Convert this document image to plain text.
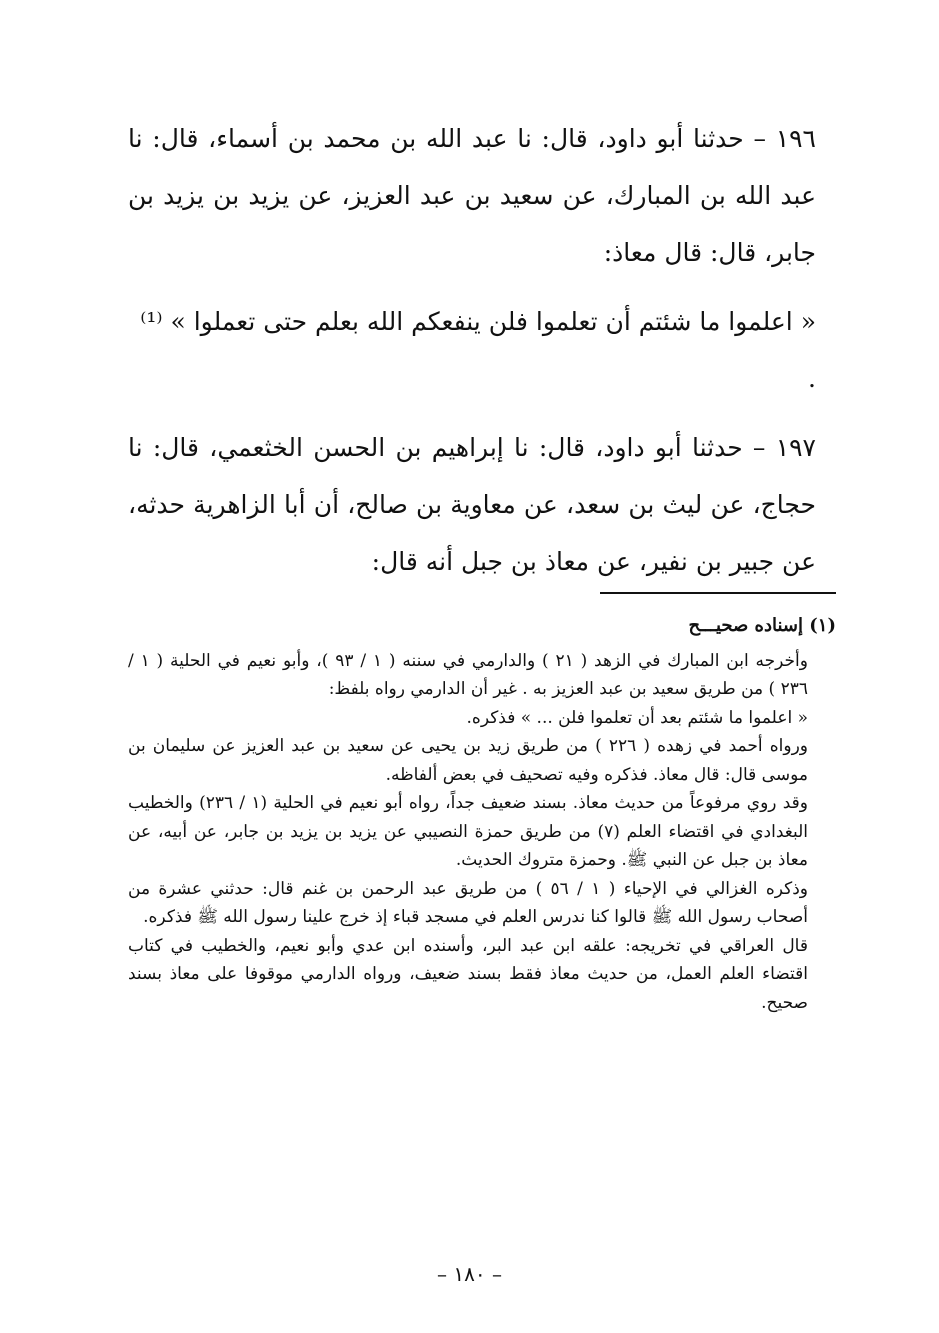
١٩٦ – حدثنا أبو داود، قال: نا عبد الله بن محمد بن أسماء، قال: نا عبد الله بن المبارك، عن سعيد بن عبد العزيز، عن يزيد بن يزيد بن جابر، قال: قال معاذ:

« اعلموا ما شئتم أن تعلموا فلن ينفعكم الله بعلم حتى تعملوا » ⁽¹⁾ .

١٩٧ – حدثنا أبو داود، قال: نا إبراهيم بن الحسن الخثعمي، قال: نا حجاج، عن ليث بن سعد، عن معاوية بن صالح، أن أبا الزاهرية حدثه، عن جبير بن نفير، عن معاذ بن جبل أنه قال:

(١) إسناده صحيـــح

وأخرجه ابن المبارك في الزهد ( ٢١ ) والدارمي في سننه ( ١ / ٩٣ )، وأبو نعيم في الحلية ( ١ / ٢٣٦ ) من طريق سعيد بن عبد العزيز به . غير أن الدارمي رواه بلفظ:

« اعلموا ما شئتم بعد أن تعلموا فلن ... » فذكره.

ورواه أحمد في زهده ( ٢٢٦ ) من طريق زيد بن يحيى عن سعيد بن عبد العزيز عن سليمان بن موسى قال: قال معاذ. فذكره وفيه تصحيف في بعض ألفاظه.

وقد روي مرفوعاً من حديث معاذ. بسند ضعيف جداً، رواه أبو نعيم في الحلية (١ / ٢٣٦) والخطيب البغدادي في اقتضاء العلم (٧) من طريق حمزة النصيبي عن يزيد بن يزيد بن جابر، عن أبيه، عن معاذ بن جبل عن النبي ﷺ. وحمزة متروك الحديث.

وذكره الغزالي في الإحياء ( ١ / ٥٦ ) من طريق عبد الرحمن بن غنم قال: حدثني عشرة من أصحاب رسول الله ﷺ قالوا كنا ندرس العلم في مسجد قباء إذ خرج علينا رسول الله ﷺ فذكره.

قال العراقي في تخريجه: علقه ابن عبد البر، وأسنده ابن عدي وأبو نعيم، والخطيب في كتاب اقتضاء العلم العمل، من حديث معاذ فقط بسند ضعيف، ورواه الدارمي موقوفا على معاذ بسند صحيح.

– ١٨٠ –
